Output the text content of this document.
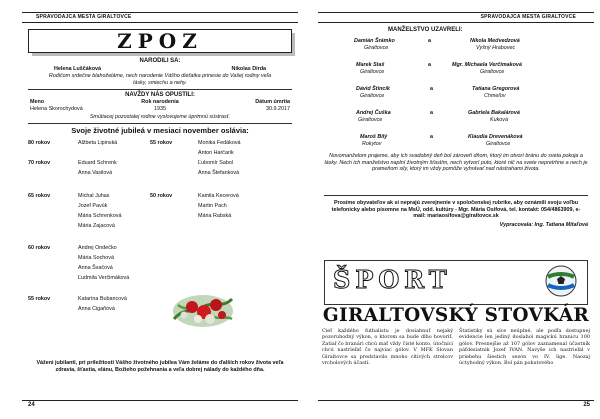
SPRAVODAJCA MESTA GIRALTOVCE
ZPOZ
NARODILI SA:
Helena Luščáková	Nikolas Dirda
Rodičom srdečne blahoželáme, nech narodenie Vášho dieťatka prinesie do Vašej rodiny veľa lásky, smiechu a nehy.
NAVŽDY NÁS OPUSTILI:
Meno	Rok narodenia	Dátum úmrtia
Helena Skorochydová	1935	30.9.2017
Smútiacej pozostalej rodine vyslovujeme úprimnú sústrasť.
Svoje životné jubileá v mesiaci november oslávia:
80 rokov	Alžbeta Lipinská
70 rokov	Eduard Schrenk
Anna Vasilová
65 rokov	Michal Juhas
Jozef Pavúk
Mária Schrenková
Mária Zajacová
60 rokov	Andrej Ondečko
Mária Sochová
Anna Švačová
Ľudmila Verčimáková
55 rokov	Katarína Bubancová
Anna Cigaňová
55 rokov	Monika Fedáková
Anton Harčarik
Ľubomír Sabol
Anna Štefanková
50 rokov	Kamila Kecerová
Martin Pach
Mária Rabská
Váženi jubilanti, pri príležitosti Vášho životného jubilea Vám želáme do ďalších rokov života veľa zdravia, šťastia, elánu, Božieho požehnania a veľa dobrej nálady do každého dňa.
24
SPRAVODAJCA MESTA GIRALTOVCE
MANŽELSTVO UZAVRELI:
Damián Šrámko
Giraltovce
a	Nikola Medvedzová
Vyšný Hrabovec
Marek Staš
Giraltovce
a	Mgr. Michaela Verčimaková
Giraltovce
Dávid Štincík
Giraltovce
a	Tatiana Gregorová
Chmeľov
Andrej Čuška
Giraltovce
a	Gabriela Bakalárová
Kuková
Maroš Bilý
Rokytov
a	Klaudia Drevenáková
Giraltovce
Novomanželom prajeme, aby ich svadobný deň bol zároveň dňom, ktorý im otvorí bránu do sveta pokoja a lásky. Nech ich manželstvo naplní životným šťastím, nech vytvorí puto, ktoré nič na svete nepretrhne a nech je prameňom sily, ktorý im vždy pomôže vyhrávať nad nástrahami života.
Prosíme obyvateľov ak si neprajú zverejnenie v spoločenskej rubrike, aby oznámili svoju voľbu telefonicky alebo písomne na MsÚ, odd. kultúry - Mgr. Mária Osifová, tel. kontakt: 054/4863909, e-mail: mariaosifova@giraltovce.sk
Vypracovala: Ing. Tatiana Mitaľová
ŠPORT
GIRALTOVSKÝ STOVKÁR

Cieľ každého futbalistu je dosiahnuť nejaký pozoruhodný výkon, o ktorom sa bude dlho hovoriť. Zatiaľ čo branári chcú mať vždy čisté konto, útočníci chcú nastrieľať čo najviac gólov. V MFK Slovan Giraltovce sa predstavilo mnoho cítivých strelcov vrcholových účastí.

Štatistiky sú síce neúplné, ale podľa dostupnej evidencie len jediný doslahol magickú hranicu 100 gólov. Presnejšie až 107 gólov zaznamenal účastník páťdesiatnik Jozef IVAN. Navyše ich nastrieľal v priebehu šiestich sezón vo IV. lige. Naozaj úctyhodný výkon. Bol pán pokutového

25
